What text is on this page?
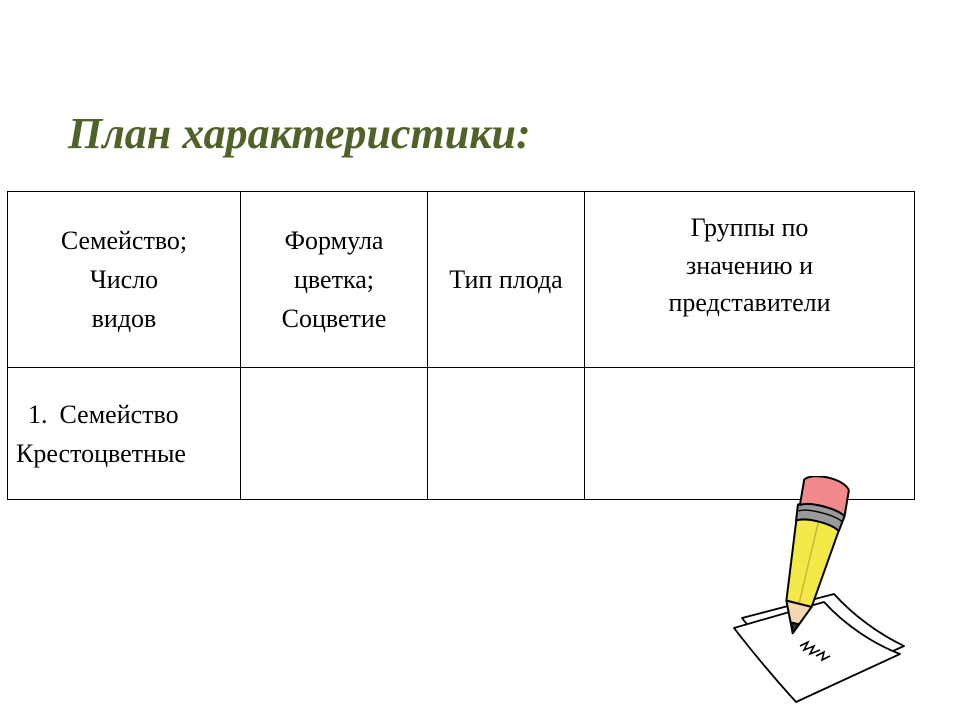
План характеристики:
Семейство;
Число
видов	Формула
цветка;
Соцветие	Тип плода	Группы по
значению и
представители

1. Семейство
Крестоцветные			
